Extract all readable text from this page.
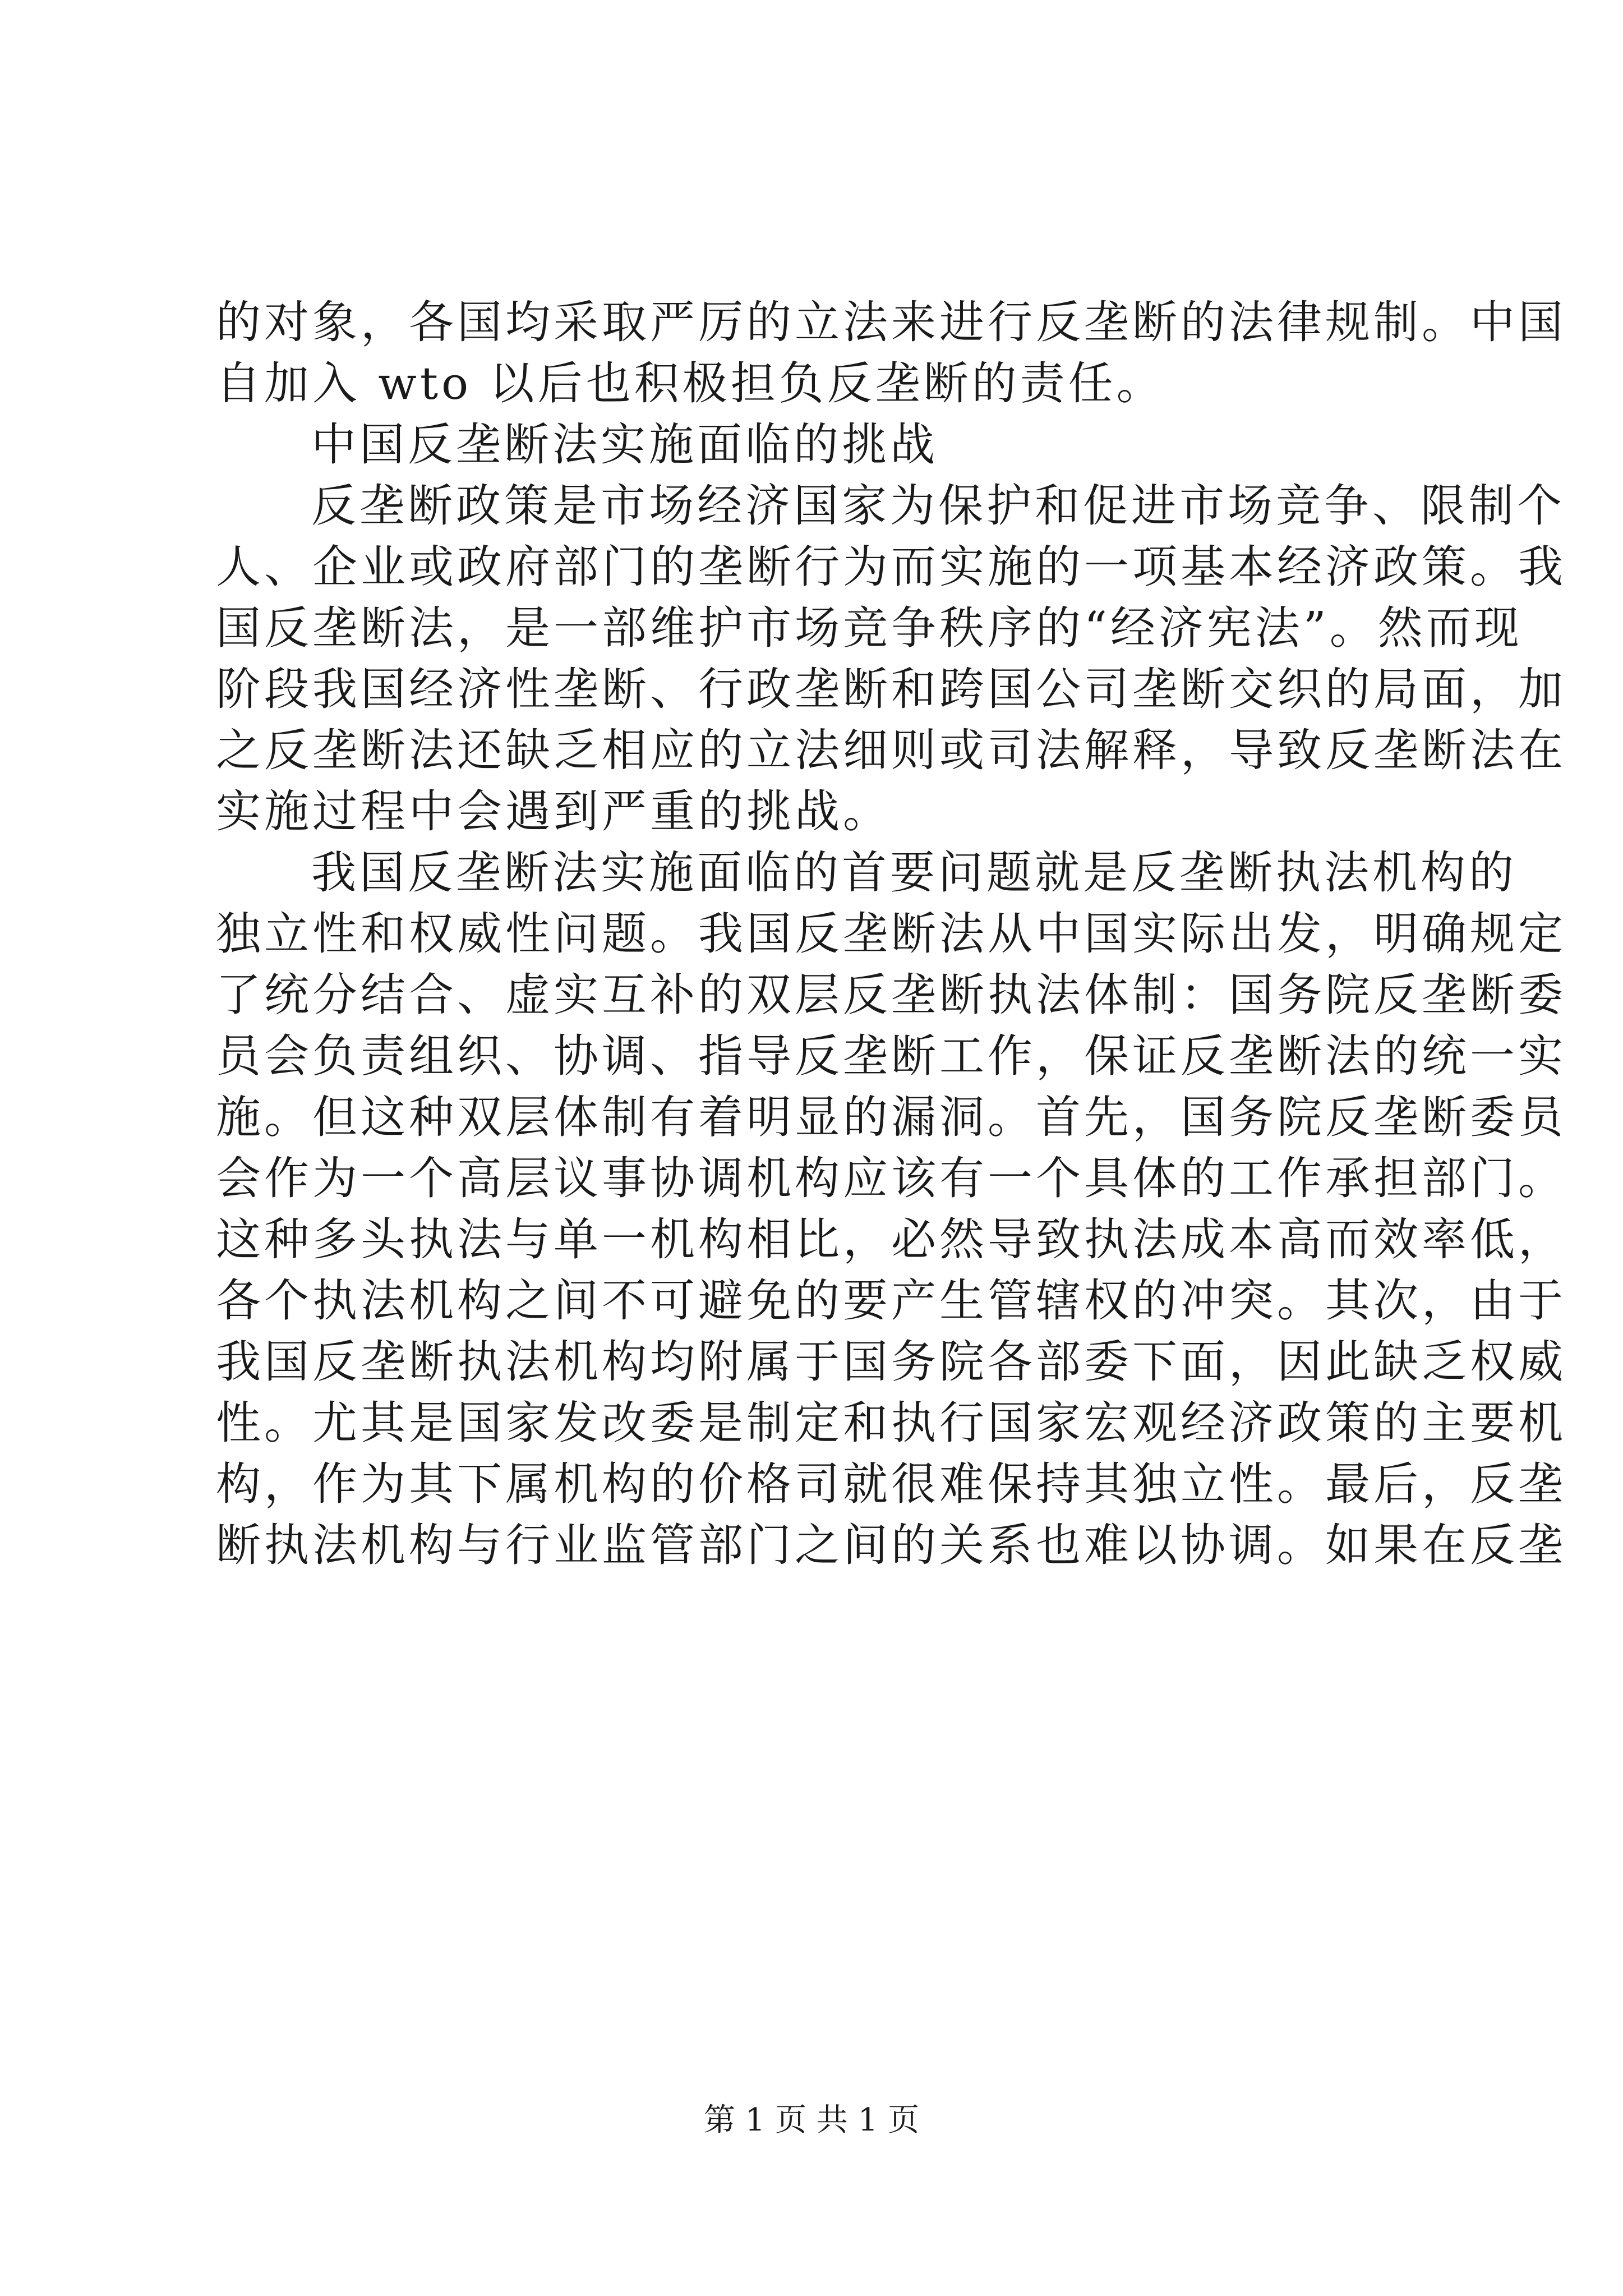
的对象，各国均采取严厉的立法来进行反垄断的法律规制。中国
自加入 wto 以后也积极担负反垄断的责任。
中国反垄断法实施面临的挑战
反垄断政策是市场经济国家为保护和促进市场竞争、限制个
人、企业或政府部门的垄断行为而实施的一项基本经济政策。我
国反垄断法，是一部维护市场竞争秩序的“经济宪法”。然而现
阶段我国经济性垄断、行政垄断和跨国公司垄断交织的局面，加
之反垄断法还缺乏相应的立法细则或司法解释，导致反垄断法在
实施过程中会遇到严重的挑战。
我国反垄断法实施面临的首要问题就是反垄断执法机构的
独立性和权威性问题。我国反垄断法从中国实际出发，明确规定
了统分结合、虚实互补的双层反垄断执法体制：国务院反垄断委
员会负责组织、协调、指导反垄断工作，保证反垄断法的统一实
施。但这种双层体制有着明显的漏洞。首先，国务院反垄断委员
会作为一个高层议事协调机构应该有一个具体的工作承担部门。
这种多头执法与单一机构相比，必然导致执法成本高而效率低，
各个执法机构之间不可避免的要产生管辖权的冲突。其次，由于
我国反垄断执法机构均附属于国务院各部委下面，因此缺乏权威
性。尤其是国家发改委是制定和执行国家宏观经济政策的主要机
构，作为其下属机构的价格司就很难保持其独立性。最后，反垄
断执法机构与行业监管部门之间的关系也难以协调。如果在反垄
第 1 页 共 1 页
